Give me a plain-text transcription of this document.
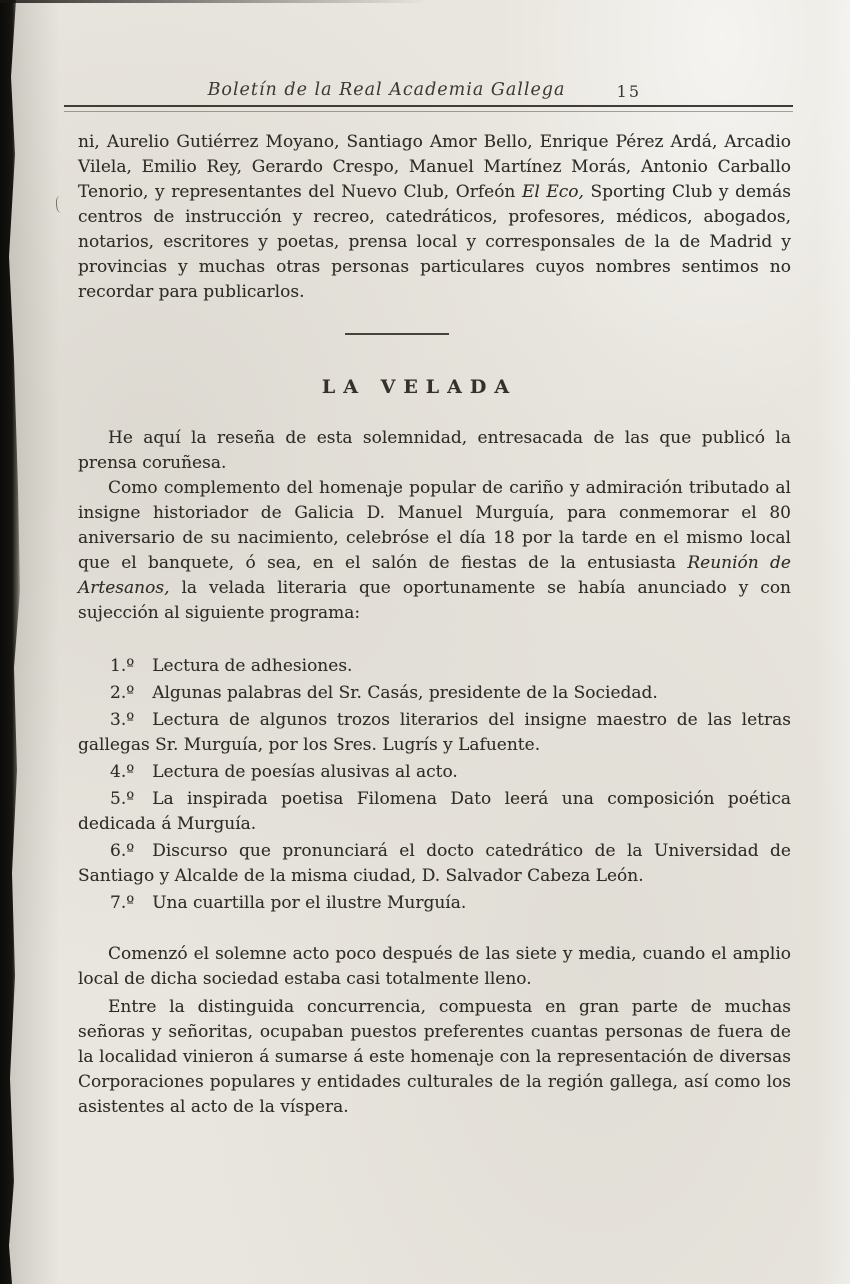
Boletín de la Real Academia Gallega	15

ni, Aurelio Gutiérrez Moyano, Santiago Amor Bello, Enrique Pérez Ardá, Arcadio Vilela, Emilio Rey, Gerardo Crespo, Manuel Martínez Morás, Antonio Carballo Tenorio, y representantes del Nuevo Club, Orfeón El Eco, Sporting Club y demás centros de instrucción y recreo, catedráticos, profesores, médicos, abogados, notarios, escritores y poetas, prensa local y corresponsales de la de Madrid y provincias y muchas otras personas particulares cuyos nombres sentimos no recordar para publicarlos.

LA VELADA

He aquí la reseña de esta solemnidad, entresacada de las que publicó la prensa coruñesa.

Como complemento del homenaje popular de cariño y admiración tributado al insigne historiador de Galicia D. Manuel Murguía, para conmemorar el 80 aniversario de su nacimiento, celebróse el día 18 por la tarde en el mismo local que el banquete, ó sea, en el salón de fiestas de la entusiasta Reunión de Artesanos, la velada literaria que oportunamente se había anunciado y con sujección al siguiente programa:

1.º Lectura de adhesiones.

2.º Algunas palabras del Sr. Casás, presidente de la Sociedad.

3.º Lectura de algunos trozos literarios del insigne maestro de las letras gallegas Sr. Murguía, por los Sres. Lugrís y Lafuente.

4.º Lectura de poesías alusivas al acto.

5.º La inspirada poetisa Filomena Dato leerá una composición poética dedicada á Murguía.

6.º Discurso que pronunciará el docto catedrático de la Universidad de Santiago y Alcalde de la misma ciudad, D. Salvador Cabeza León.

7.º Una cuartilla por el ilustre Murguía.

Comenzó el solemne acto poco después de las siete y media, cuando el amplio local de dicha sociedad estaba casi totalmente lleno.

Entre la distinguida concurrencia, compuesta en gran parte de muchas señoras y señoritas, ocupaban puestos preferentes cuantas personas de fuera de la localidad vinieron á sumarse á este homenaje con la representación de diversas Corporaciones populares y entidades culturales de la región gallega, así como los asistentes al acto de la víspera.
